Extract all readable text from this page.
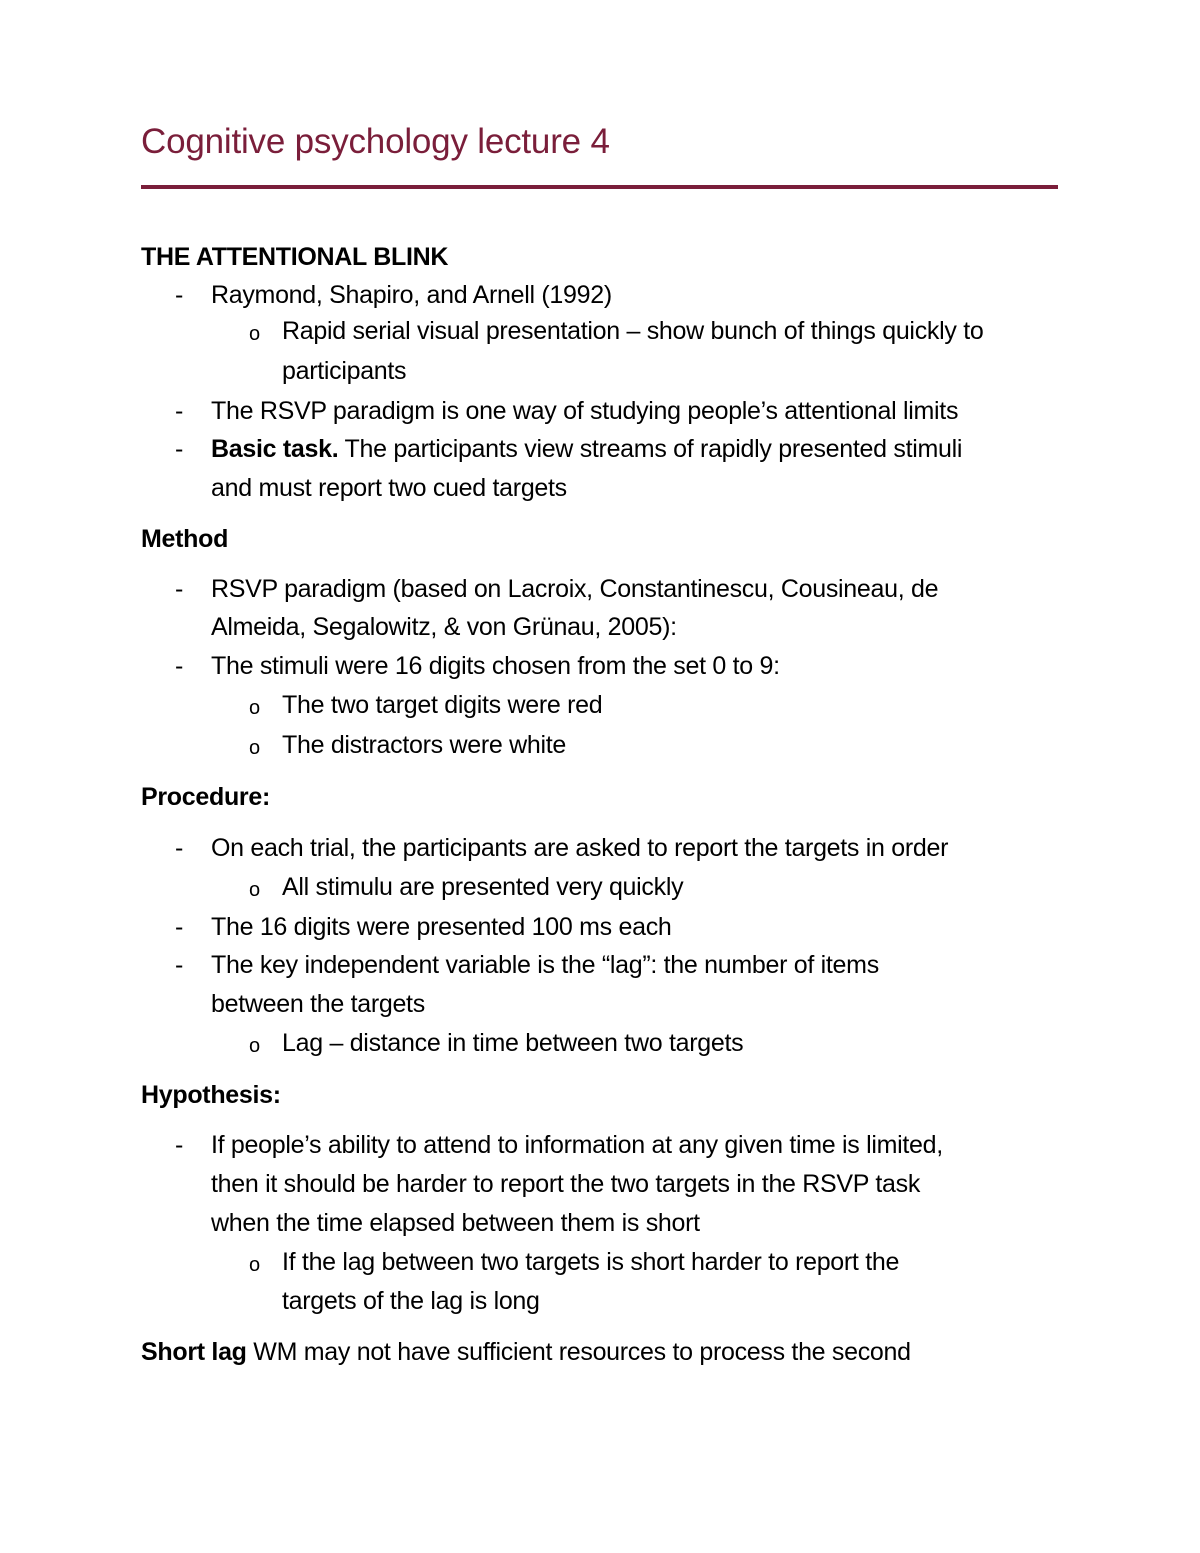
Cognitive psychology lecture 4
THE ATTENTIONAL BLINK
- Raymond, Shapiro, and Arnell (1992)
o Rapid serial visual presentation – show bunch of things quickly to
participants
- The RSVP paradigm is one way of studying people’s attentional limits
- Basic task. The participants view streams of rapidly presented stimuli
and must report two cued targets
Method
- RSVP paradigm (based on Lacroix, Constantinescu, Cousineau, de
Almeida, Segalowitz, & von Grünau, 2005):
- The stimuli were 16 digits chosen from the set 0 to 9:
o The two target digits were red
o The distractors were white
Procedure:
- On each trial, the participants are asked to report the targets in order
o All stimulu are presented very quickly
- The 16 digits were presented 100 ms each
- The key independent variable is the “lag”: the number of items
between the targets
o Lag – distance in time between two targets
Hypothesis:
- If people’s ability to attend to information at any given time is limited,
then it should be harder to report the two targets in the RSVP task
when the time elapsed between them is short
o If the lag between two targets is short harder to report the
targets of the lag is long
Short lag WM may not have sufficient resources to process the second
